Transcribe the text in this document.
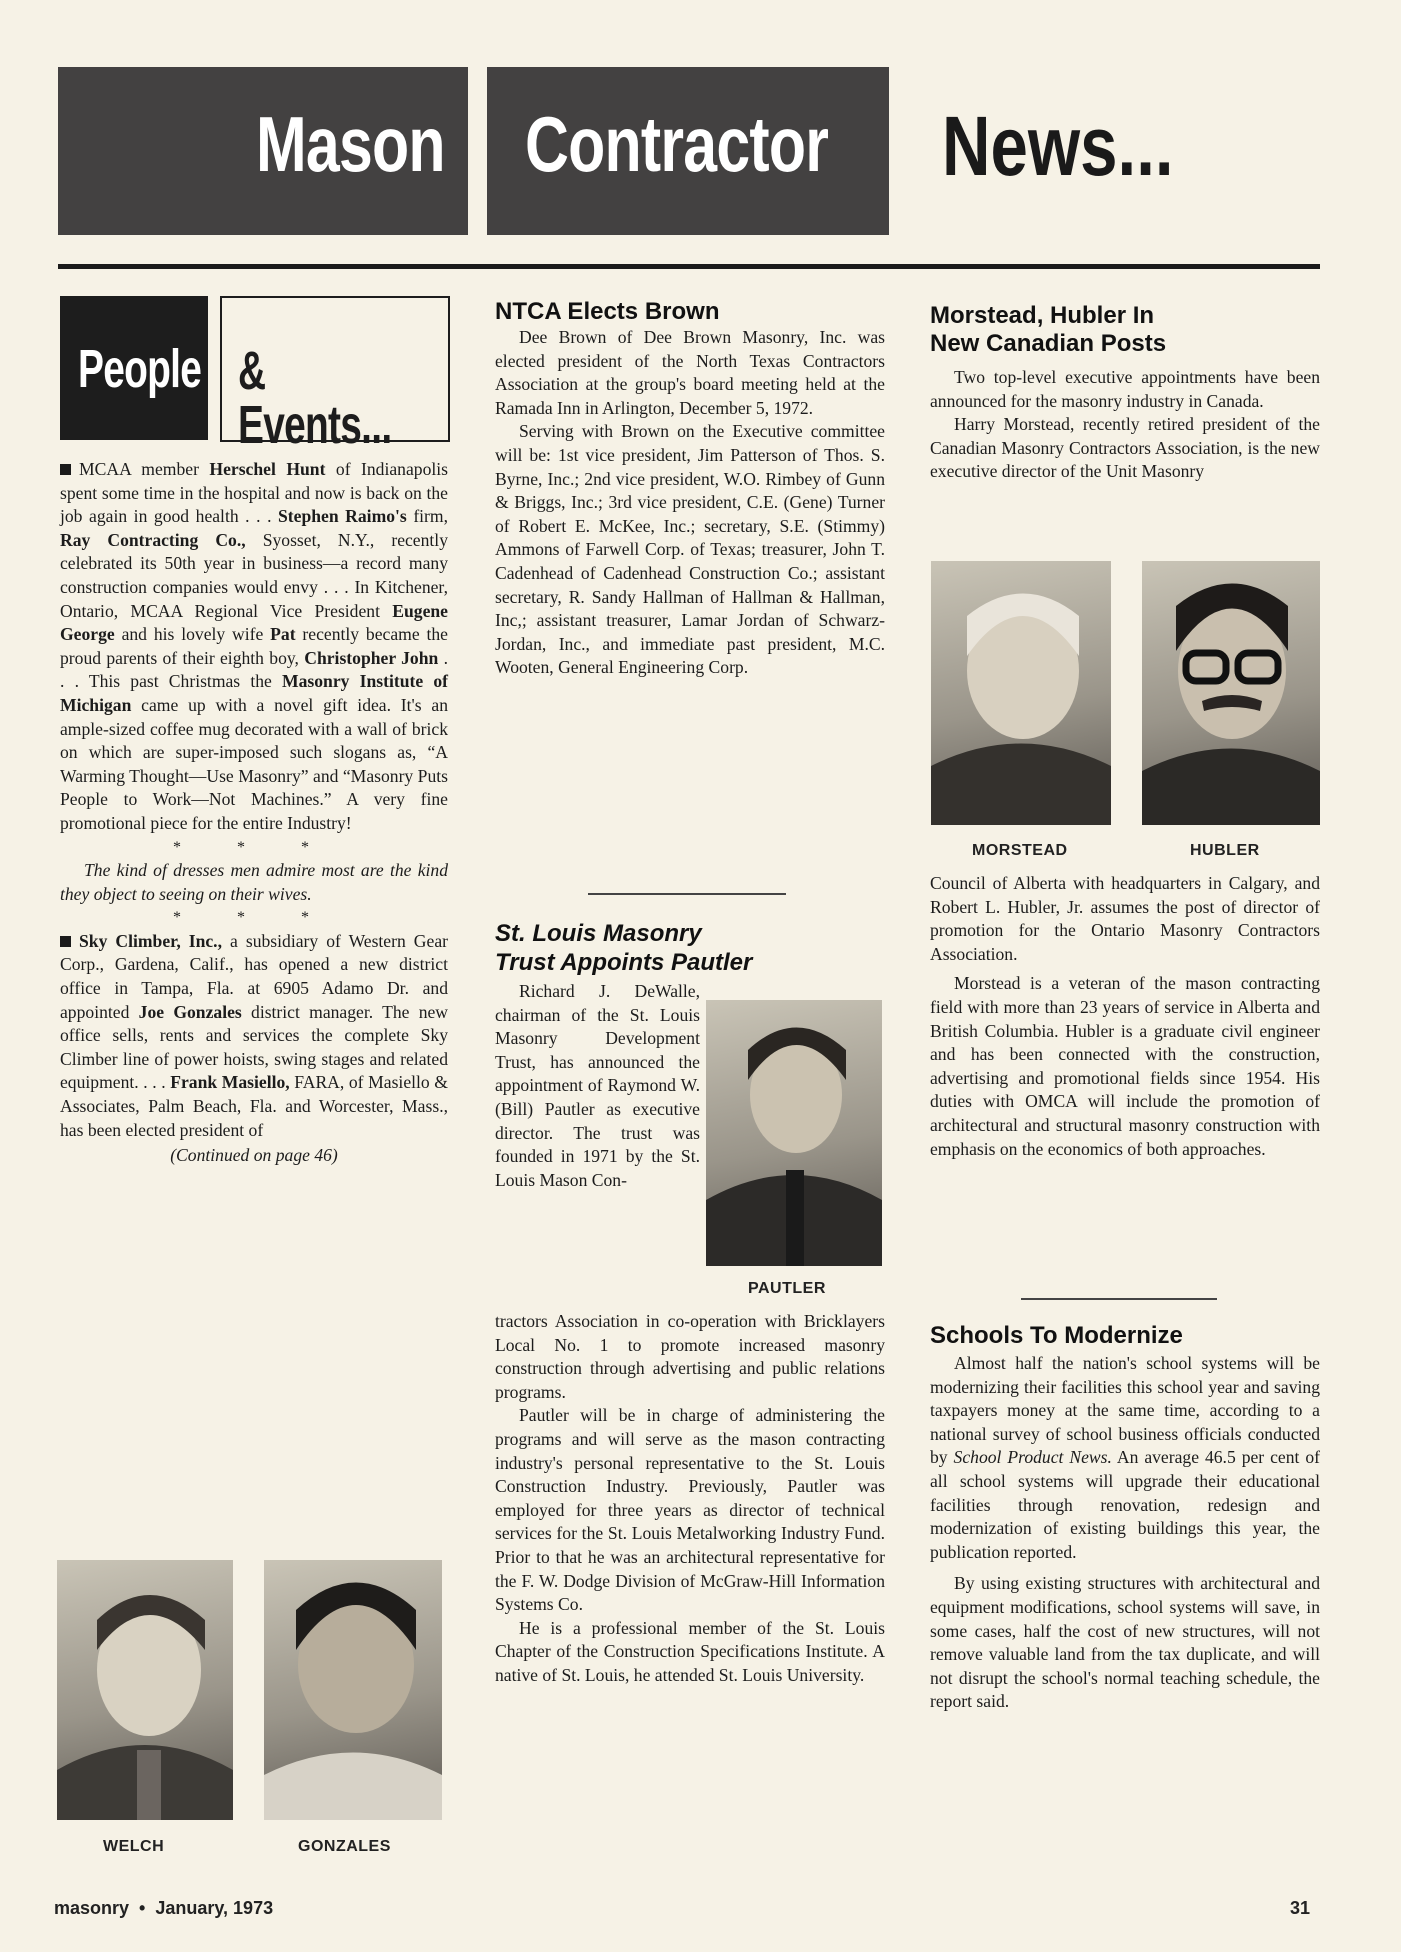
Mason Contractor News...
People & Events...

MCAA member Herschel Hunt of Indianapolis spent some time in the hospital and now is back on the job again in good health . . . Stephen Raimo's firm, Ray Contracting Co., Syosset, N.Y., recently celebrated its 50th year in business—a record many construction companies would envy . . . In Kitchener, Ontario, MCAA Regional Vice President Eugene George and his lovely wife Pat recently became the proud parents of their eighth boy, Christopher John . . . This past Christmas the Masonry Institute of Michigan came up with a novel gift idea. It's an ample-sized coffee mug decorated with a wall of brick on which are super-imposed such slogans as, “A Warming Thought—Use Masonry” and “Masonry Puts People to Work—Not Machines.” A very fine promotional piece for the entire Industry!

* * *

The kind of dresses men admire most are the kind they object to seeing on their wives.

* * *

Sky Climber, Inc., a subsidiary of Western Gear Corp., Gardena, Calif., has opened a new district office in Tampa, Fla. at 6905 Adamo Dr. and appointed Joe Gonzales district manager. The new office sells, rents and services the complete Sky Climber line of power hoists, swing stages and related equipment. . . . Frank Masiello, FARA, of Masiello & Associates, Palm Beach, Fla. and Worcester, Mass., has been elected president of

(Continued on page 46)

WELCH	GONZALES
NTCA Elects Brown

Dee Brown of Dee Brown Masonry, Inc. was elected president of the North Texas Contractors Association at the group's board meeting held at the Ramada Inn in Arlington, December 5, 1972.

Serving with Brown on the Executive committee will be: 1st vice president, Jim Patterson of Thos. S. Byrne, Inc.; 2nd vice president, W.O. Rimbey of Gunn & Briggs, Inc.; 3rd vice president, C.E. (Gene) Turner of Robert E. McKee, Inc.; secretary, S.E. (Stimmy) Ammons of Farwell Corp. of Texas; treasurer, John T. Cadenhead of Cadenhead Construction Co.; assistant secretary, R. Sandy Hallman of Hallman & Hallman, Inc,; assistant treasurer, Lamar Jordan of Schwarz-Jordan, Inc., and immediate past president, M.C. Wooten, General Engineering Corp.

St. Louis Masonry
Trust Appoints Pautler

Richard J. DeWalle, chairman of the St. Louis Masonry Development Trust, has announced the appointment of Raymond W. (Bill) Pautler as executive director. The trust was founded in 1971 by the St. Louis Mason Con-

PAUTLER

tractors Association in co-operation with Bricklayers Local No. 1 to promote increased masonry construction through advertising and public relations programs.

Pautler will be in charge of administering the programs and will serve as the mason contracting industry's personal representative to the St. Louis Construction Industry. Previously, Pautler was employed for three years as director of technical services for the St. Louis Metalworking Industry Fund. Prior to that he was an architectural representative for the F. W. Dodge Division of McGraw-Hill Information Systems Co.

He is a professional member of the St. Louis Chapter of the Construction Specifications Institute. A native of St. Louis, he attended St. Louis University.

Morstead, Hubler In
New Canadian Posts

Two top-level executive appointments have been announced for the masonry industry in Canada.

Harry Morstead, recently retired president of the Canadian Masonry Contractors Association, is the new executive director of the Unit Masonry

MORSTEAD	HUBLER

Council of Alberta with headquarters in Calgary, and Robert L. Hubler, Jr. assumes the post of director of promotion for the Ontario Masonry Contractors Association.

Morstead is a veteran of the mason contracting field with more than 23 years of service in Alberta and British Columbia. Hubler is a graduate civil engineer and has been connected with the construction, advertising and promotional fields since 1954. His duties with OMCA will include the promotion of architectural and structural masonry construction with emphasis on the economics of both approaches.

Schools To Modernize

Almost half the nation's school systems will be modernizing their facilities this school year and saving taxpayers money at the same time, according to a national survey of school business officials conducted by School Product News. An average 46.5 per cent of all school systems will upgrade their educational facilities through renovation, redesign and modernization of existing buildings this year, the publication reported.

By using existing structures with architectural and equipment modifications, school systems will save, in some cases, half the cost of new structures, will not remove valuable land from the tax duplicate, and will not disrupt the school's normal teaching schedule, the report said.

masonry  •  January, 1973	31
